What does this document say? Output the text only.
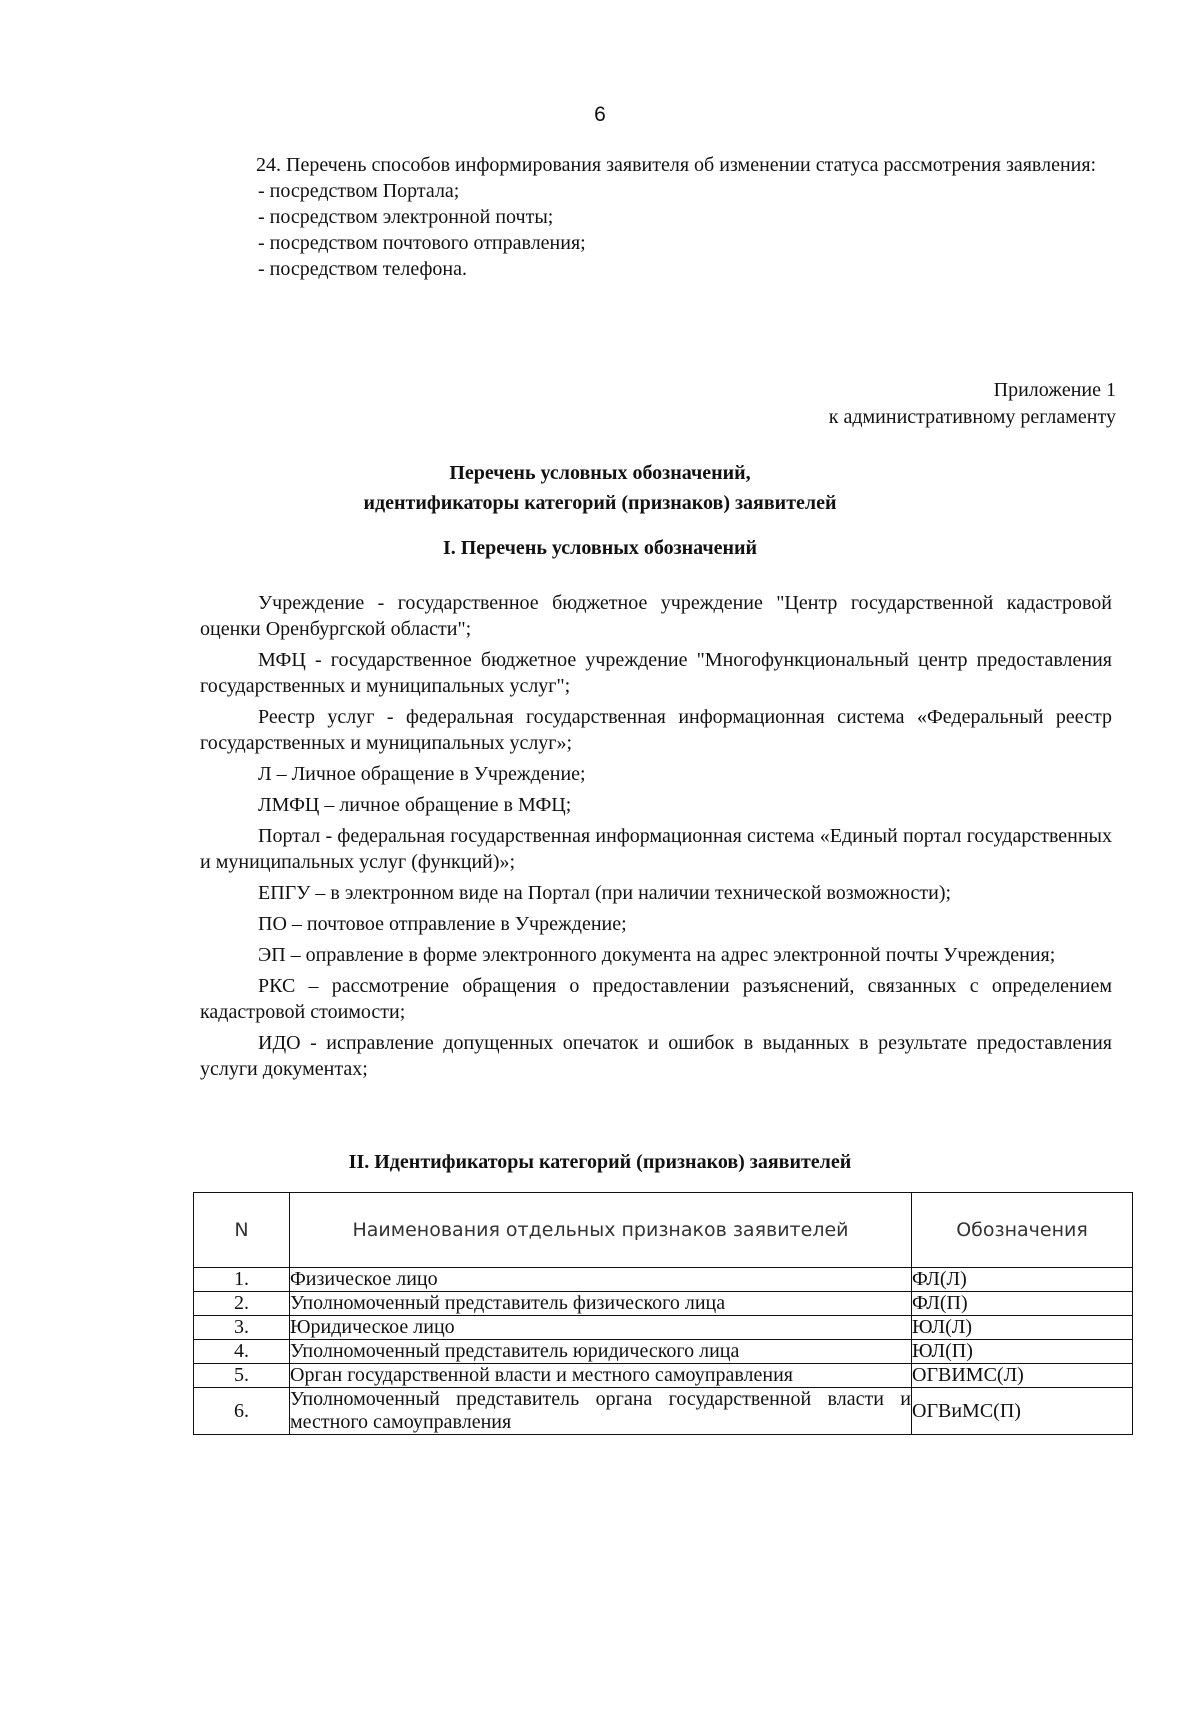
6
24. Перечень способов информирования заявителя об изменении статуса рассмотрения заявления:
- посредством Портала;
- посредством электронной почты;
- посредством почтового отправления;
- посредством телефона.
Приложение 1
к административному регламенту
Перечень условных обозначений,
идентификаторы категорий (признаков) заявителей
I. Перечень условных обозначений
Учреждение - государственное бюджетное учреждение "Центр государственной кадастровой оценки Оренбургской области";
МФЦ - государственное бюджетное учреждение "Многофункциональный центр предоставления государственных и муниципальных услуг";
Реестр услуг - федеральная государственная информационная система «Федеральный реестр государственных и муниципальных услуг»;
Л – Личное обращение в Учреждение;
ЛМФЦ – личное обращение в МФЦ;
Портал - федеральная государственная информационная система «Единый портал государственных и муниципальных услуг (функций)»;
ЕПГУ – в электронном виде на Портал (при наличии технической возможности);
ПО – почтовое отправление в Учреждение;
ЭП – оправление в форме электронного документа на адрес электронной почты Учреждения;
РКС – рассмотрение обращения о предоставлении разъяснений, связанных с определением кадастровой стоимости;
ИДО - исправление допущенных опечаток и ошибок в выданных в результате предоставления услуги документах;
II. Идентификаторы категорий (признаков) заявителей
N	Наименования отдельных признаков заявителей	Обозначения
1.	Физическое лицо	ФЛ(Л)
2.	Уполномоченный представитель физического лица	ФЛ(П)
3.	Юридическое лицо	ЮЛ(Л)
4.	Уполномоченный представитель юридического лица	ЮЛ(П)
5.	Орган государственной власти и местного самоуправления	ОГВИМС(Л)
6.	Уполномоченный представитель органа государственной власти и местного самоуправления	ОГВиМС(П)
